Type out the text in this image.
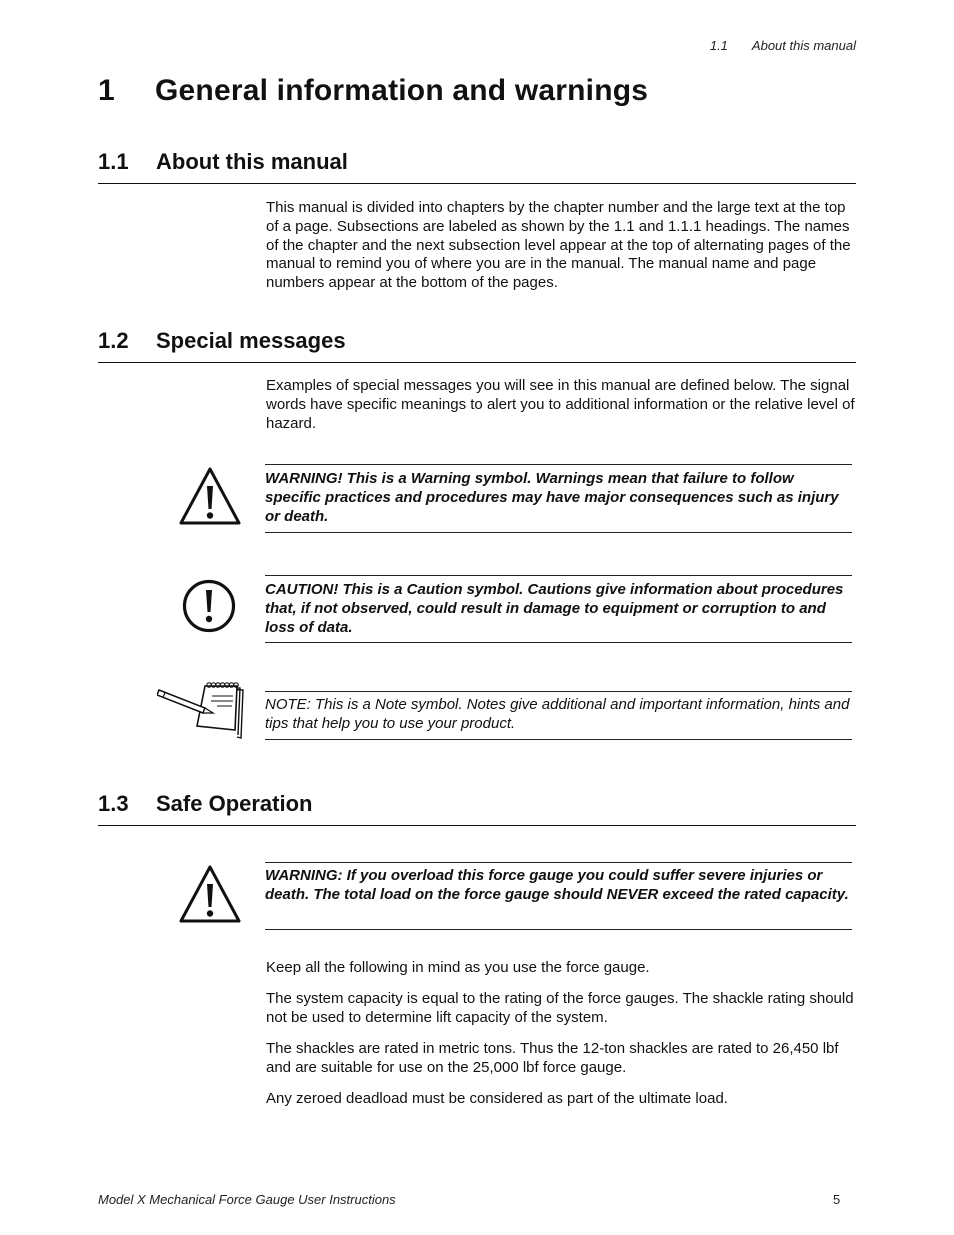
1.1 About this manual
1 General information and warnings
1.1 About this manual

This manual is divided into chapters by the chapter number and the large text at the top of a page. Subsections are labeled as shown by the 1.1 and 1.1.1 headings. The names of the chapter and the next subsection level appear at the top of alternating pages of the manual to remind you of where you are in the manual. The manual name and page numbers appear at the bottom of the pages.

1.2 Special messages

Examples of special messages you will see in this manual are defined below. The signal words have specific meanings to alert you to additional information or the relative level of hazard.

WARNING! This is a Warning symbol. Warnings mean that failure to follow specific practices and procedures may have major consequences such as injury or death.

CAUTION! This is a Caution symbol. Cautions give information about procedures that, if not observed, could result in damage to equipment or corruption to and loss of data.

NOTE: This is a Note symbol. Notes give additional and important information, hints and tips that help you to use your product.

1.3 Safe Operation

WARNING: If you overload this force gauge you could suffer severe injuries or death. The total load on the force gauge should NEVER exceed the rated capacity.

Keep all the following in mind as you use the force gauge.

The system capacity is equal to the rating of the force gauges. The shackle rating should not be used to determine lift capacity of the system.

The shackles are rated in metric tons. Thus the 12-ton shackles are rated to 26,450 lbf and are suitable for use on the 25,000 lbf force gauge.

Any zeroed deadload must be considered as part of the ultimate load.

Model X Mechanical Force Gauge User Instructions	5
